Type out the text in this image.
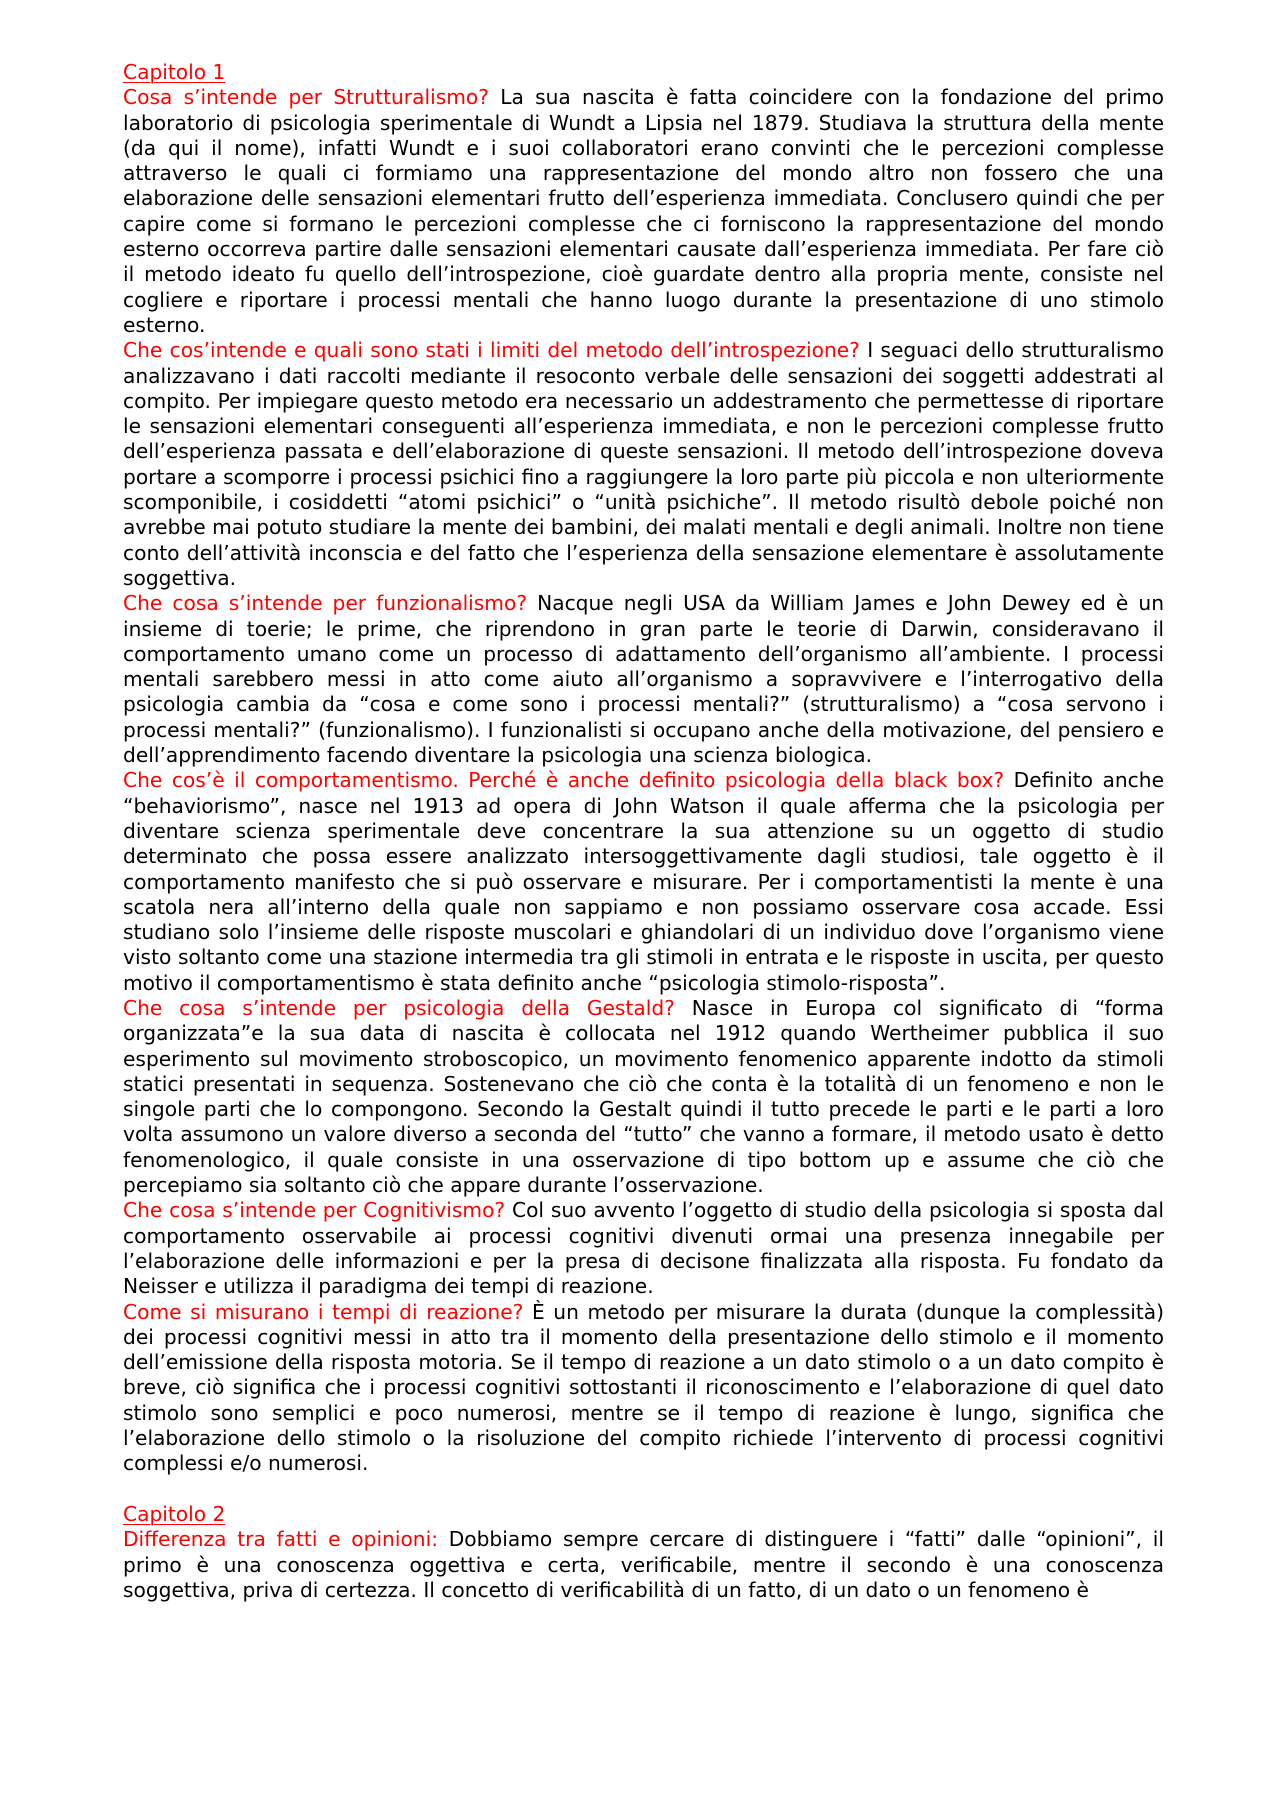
Capitolo 1

Cosa s’intende per Strutturalismo? La sua nascita è fatta coincidere con la fondazione del primo laboratorio di psicologia sperimentale di Wundt a Lipsia nel 1879. Studiava la struttura della mente (da qui il nome), infatti Wundt e i suoi collaboratori erano convinti che le percezioni complesse attraverso le quali ci formiamo una rappresentazione del mondo altro non fossero che una elaborazione delle sensazioni elementari frutto dell’esperienza immediata. Conclusero quindi che per capire come si formano le percezioni complesse che ci forniscono la rappresentazione del mondo esterno occorreva partire dalle sensazioni elementari causate dall’esperienza immediata. Per fare ciò il metodo ideato fu quello dell’introspezione, cioè guardate dentro alla propria mente, consiste nel cogliere e riportare i processi mentali che hanno luogo durante la presentazione di uno stimolo esterno.

Che cos’intende e quali sono stati i limiti del metodo dell’introspezione? I seguaci dello strutturalismo analizzavano i dati raccolti mediante il resoconto verbale delle sensazioni dei soggetti addestrati al compito. Per impiegare questo metodo era necessario un addestramento che permettesse di riportare le sensazioni elementari conseguenti all’esperienza immediata, e non le percezioni complesse frutto dell’esperienza passata e dell’elaborazione di queste sensazioni. Il metodo dell’introspezione doveva portare a scomporre i processi psichici fino a raggiungere la loro parte più piccola e non ulteriormente scomponibile, i cosiddetti “atomi psichici” o “unità psichiche”. Il metodo risultò debole poiché non avrebbe mai potuto studiare la mente dei bambini, dei malati mentali e degli animali. Inoltre non tiene conto dell’attività inconscia e del fatto che l’esperienza della sensazione elementare è assolutamente soggettiva.

Che cosa s’intende per funzionalismo? Nacque negli USA da William James e John Dewey ed è un insieme di toerie; le prime, che riprendono in gran parte le teorie di Darwin, consideravano il comportamento umano come un processo di adattamento dell’organismo all’ambiente. I processi mentali sarebbero messi in atto come aiuto all’organismo a sopravvivere e l’interrogativo della psicologia cambia da “cosa e come sono i processi mentali?” (strutturalismo) a “cosa servono i processi mentali?” (funzionalismo). I funzionalisti si occupano anche della motivazione, del pensiero e dell’apprendimento facendo diventare la psicologia una scienza biologica.

Che cos’è il comportamentismo. Perché è anche definito psicologia della black box? Definito anche “behaviorismo”, nasce nel 1913 ad opera di John Watson il quale afferma che la psicologia per diventare scienza sperimentale deve concentrare la sua attenzione su un oggetto di studio determinato che possa essere analizzato intersoggettivamente dagli studiosi, tale oggetto è il comportamento manifesto che si può osservare e misurare. Per i comportamentisti la mente è una scatola nera all’interno della quale non sappiamo e non possiamo osservare cosa accade. Essi studiano solo l’insieme delle risposte muscolari e ghiandolari di un individuo dove l’organismo viene visto soltanto come una stazione intermedia tra gli stimoli in entrata e le risposte in uscita, per questo motivo il comportamentismo è stata definito anche “psicologia stimolo-risposta”.

Che cosa s’intende per psicologia della Gestald? Nasce in Europa col significato di “forma organizzata”e la sua data di nascita è collocata nel 1912 quando Wertheimer pubblica il suo esperimento sul movimento stroboscopico, un movimento fenomenico apparente indotto da stimoli statici presentati in sequenza. Sostenevano che ciò che conta è la totalità di un fenomeno e non le singole parti che lo compongono. Secondo la Gestalt quindi il tutto precede le parti e le parti a loro volta assumono un valore diverso a seconda del “tutto” che vanno a formare, il metodo usato è detto fenomenologico, il quale consiste in una osservazione di tipo bottom up e assume che ciò che percepiamo sia soltanto ciò che appare durante l’osservazione.

Che cosa s’intende per Cognitivismo? Col suo avvento l’oggetto di studio della psicologia si sposta dal comportamento osservabile ai processi cognitivi divenuti ormai una presenza innegabile per l’elaborazione delle informazioni e per la presa di decisone finalizzata alla risposta. Fu fondato da Neisser e utilizza il paradigma dei tempi di reazione.

Come si misurano i tempi di reazione? È un metodo per misurare la durata (dunque la complessità) dei processi cognitivi messi in atto tra il momento della presentazione dello stimolo e il momento dell’emissione della risposta motoria. Se il tempo di reazione a un dato stimolo o a un dato compito è breve, ciò significa che i processi cognitivi sottostanti il riconoscimento e l’elaborazione di quel dato stimolo sono semplici e poco numerosi, mentre se il tempo di reazione è lungo, significa che l’elaborazione dello stimolo o la risoluzione del compito richiede l’intervento di processi cognitivi complessi e/o numerosi.

Capitolo 2

Differenza tra fatti e opinioni: Dobbiamo sempre cercare di distinguere i “fatti” dalle “opinioni”, il primo è una conoscenza oggettiva e certa, verificabile, mentre il secondo è una conoscenza soggettiva, priva di certezza. Il concetto di verificabilità di un fatto, di un dato o un fenomeno è
